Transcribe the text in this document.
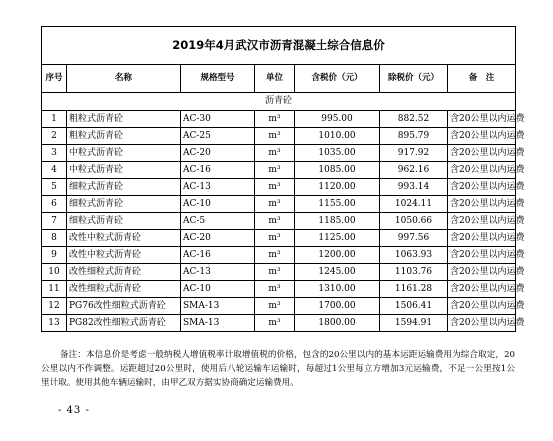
2019年4月武汉市沥青混凝土综合信息价						
序号	名称	规格型号	单位	含税价（元）	除税价（元）	备　注
沥青砼						
1	粗粒式沥青砼	AC-30	m³	995.00	882.52	含20公里以内运费
2	粗粒式沥青砼	AC-25	m³	1010.00	895.79	含20公里以内运费
3	中粒式沥青砼	AC-20	m³	1035.00	917.92	含20公里以内运费
4	中粒式沥青砼	AC-16	m³	1085.00	962.16	含20公里以内运费
5	细粒式沥青砼	AC-13	m³	1120.00	993.14	含20公里以内运费
6	细粒式沥青砼	AC-10	m³	1155.00	1024.11	含20公里以内运费
7	细粒式沥青砼	AC-5	m³	1185.00	1050.66	含20公里以内运费
8	改性中粒式沥青砼	AC-20	m³	1125.00	997.56	含20公里以内运费
9	改性中粒式沥青砼	AC-16	m³	1200.00	1063.93	含20公里以内运费
10	改性细粒式沥青砼	AC-13	m³	1245.00	1103.76	含20公里以内运费
11	改性细粒式沥青砼	AC-10	m³	1310.00	1161.28	含20公里以内运费
12	PG76改性细粒式沥青砼	SMA-13	m³	1700.00	1506.41	含20公里以内运费
13	PG82改性细粒式沥青砼	SMA-13	m³	1800.00	1594.91	含20公里以内运费
备注：本信息价是考虑一般纳税人增值税率计取增值税的价格，包含的20公里以内的基本运距运输费用为综合取定，20公里以内不作调整。运距超过20公里时，使用后八轮运输车运输时，每超过1公里每立方增加3元运输费，不足一公里按1公里计取。使用其他车辆运输时，由甲乙双方据实协商确定运输费用。
- 43 -
